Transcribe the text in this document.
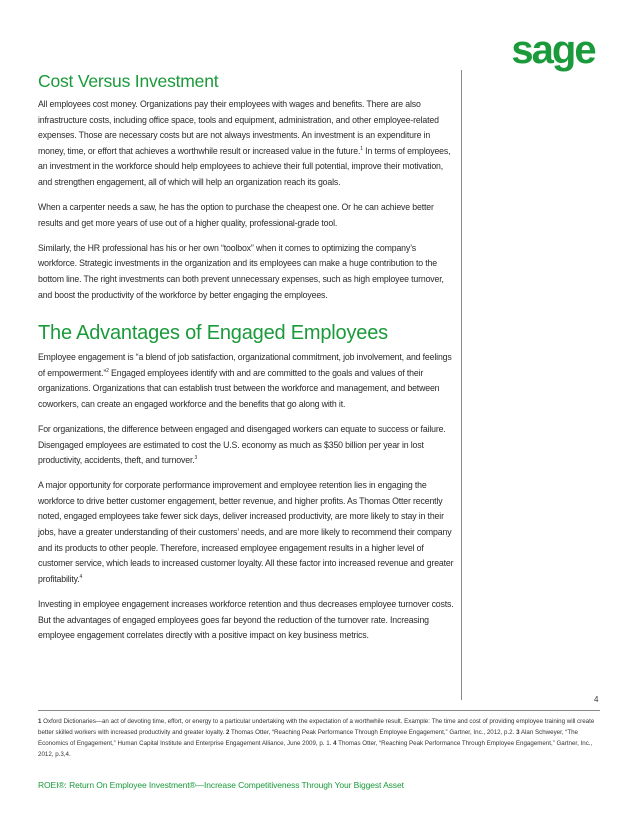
sage
Cost Versus Investment

All employees cost money. Organizations pay their employees with wages and benefits. There are also infrastructure costs, including office space, tools and equipment, administration, and other employee-related expenses. Those are necessary costs but are not always investments. An investment is an expenditure in money, time, or effort that achieves a worthwhile result or increased value in the future.$^1$ In terms of employees, an investment in the workforce should help employees to achieve their full potential, improve their motivation, and strengthen engagement, all of which will help an organization reach its goals.

When a carpenter needs a saw, he has the option to purchase the cheapest one. Or he can achieve better results and get more years of use out of a higher quality, professional-grade tool.

Similarly, the HR professional has his or her own “toolbox” when it comes to optimizing the company’s workforce. Strategic investments in the organization and its employees can make a huge contribution to the bottom line. The right investments can both prevent unnecessary expenses, such as high employee turnover, and boost the productivity of the workforce by better engaging the employees.

The Advantages of Engaged Employees

Employee engagement is “a blend of job satisfaction, organizational commitment, job involvement, and feelings of empowerment.”$^2$ Engaged employees identify with and are committed to the goals and values of their organizations. Organizations that can establish trust between the workforce and management, and between coworkers, can create an engaged workforce and the benefits that go along with it.

For organizations, the difference between engaged and disengaged workers can equate to success or failure. Disengaged employees are estimated to cost the U.S. economy as much as $350 billion per year in lost productivity, accidents, theft, and turnover.$^3$

A major opportunity for corporate performance improvement and employee retention lies in engaging the workforce to drive better customer engagement, better revenue, and higher profits. As Thomas Otter recently noted, engaged employees take fewer sick days, deliver increased productivity, are more likely to stay in their jobs, have a greater understanding of their customers’ needs, and are more likely to recommend their company and its products to other people. Therefore, increased employee engagement results in a higher level of customer service, which leads to increased customer loyalty. All these factor into increased revenue and greater profitability.$^4$

Investing in employee engagement increases workforce retention and thus decreases employee turnover costs. But the advantages of engaged employees goes far beyond the reduction of the turnover rate. Increasing employee engagement correlates directly with a positive impact on key business metrics.

4
1 Oxford Dictionaries—an act of devoting time, effort, or energy to a particular undertaking with the expectation of a worthwhile result. Example: The time and cost of providing employee training will create better skilled workers with increased productivity and greater loyalty. 2 Thomas Otter, “Reaching Peak Performance Through Employee Engagement,” Gartner, Inc., 2012, p.2. 3 Alan Schweyer, “The Economics of Engagement,” Human Capital Institute and Enterprise Engagement Alliance, June 2009, p. 1. 4 Thomas Otter, “Reaching Peak Performance Through Employee Engagement,” Gartner, Inc., 2012, p.3,4.
ROEI®: Return On Employee Investment®—Increase Competitiveness Through Your Biggest Asset
